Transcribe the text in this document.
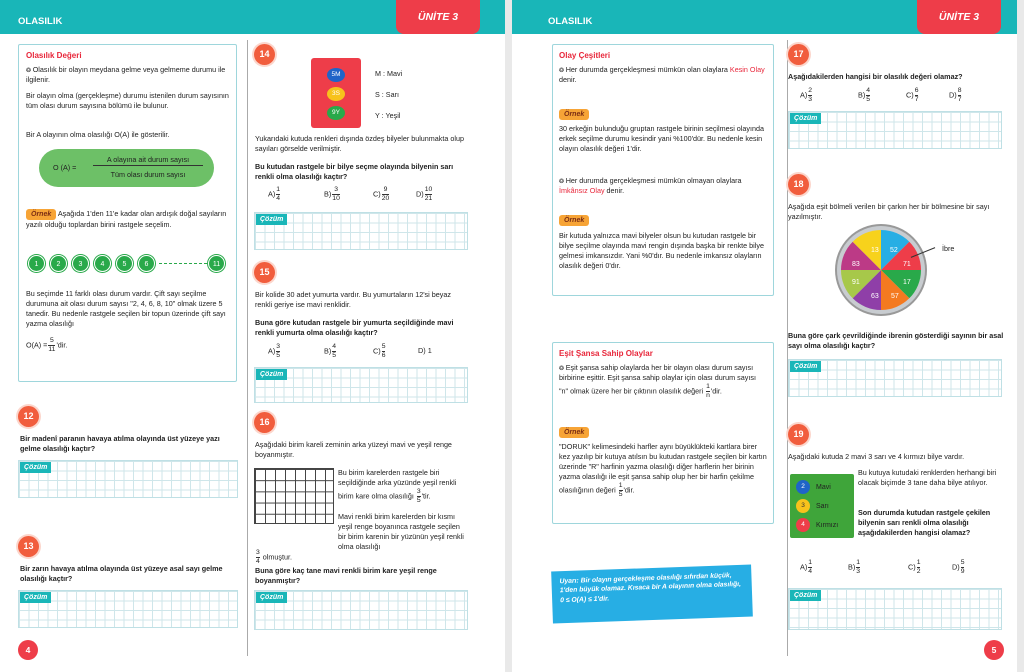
OLASILIK	ÜNİTE 3
Olasılık Değeri
❂ Olasılık bir olayın meydana gelme veya gelmeme durumu ile ilgilenir.
Bir olayın olma (gerçekleşme) durumu istenilen durum sayısının tüm olası durum sayısına bölümü ile bulunur.
Bir A olayının olma olasılığı O(A) ile gösterilir.
O (A) =
A olayına ait durum sayısı
Tüm olası durum sayısı
Örnek Aşağıda 1'den 11'e kadar olan ardışık doğal sayıların yazılı olduğu toplardan birini rastgele seçelim.
1	2	3	4	5	6	11
Bu seçimde 11 farklı olası durum vardır. Çift sayı seçilme durumuna ait olası durum sayısı "2, 4, 6, 8, 10" olmak üzere 5 tanedir. Bu nedenle rastgele seçilen bir topun üzerinde çift sayı yazma olasılığı
$O(A) = \frac{5}{11}$ 'dir.
12
Bir madenî paranın havaya atılma olayında üst yüzeye yazı gelme olasılığı kaçtır?
Çözüm
13
Bir zarın havaya atılma olayında üst yüzeye asal sayı gelme olasılığı kaçtır?
Çözüm
14
5M
3S
9Y
M : Mavi
S : Sarı
Y : Yeşil
Yukarıdaki kutuda renkleri dışında özdeş bilyeler bulunmakta olup sayıları görselde verilmiştir.
Bu kutudan rastgele bir bilye seçme olayında bilyenin sarı renkli olma olasılığı kaçtır?
$A) \frac{1}{4}$	$B) \frac{3}{10}$	$C) \frac{9}{20}$	$D) \frac{10}{21}$
Çözüm
15
Bir kolide 30 adet yumurta vardır. Bu yumurtaların 12'si beyaz renkli geriye ise mavi renklidir.
Buna göre kutudan rastgele bir yumurta seçildiğinde mavi renkli yumurta olma olasılığı kaçtır?
$A) \frac{3}{5}$	$B) \frac{4}{5}$	$C) \frac{5}{6}$	D) 1
Çözüm
16
Aşağıdaki birim kareli zeminin arka yüzeyi mavi ve yeşil renge boyanmıştır.
Bu birim karelerden rastgele biri seçildiğinde arka yüzünde yeşil renkli birim kare olma olasılığı $\frac{3}{5}$ 'tir.
Mavi renkli birim karelerden bir kısmı yeşil renge boyanınca rastgele seçilen bir birim karenin bir yüzünün yeşil renkli olma olasılığı
$\frac{3}{4}$ olmuştur.
Buna göre kaç tane mavi renkli birim kare yeşil renge boyanmıştır?
Çözüm
4
OLASILIK	ÜNİTE 3
Olay Çeşitleri
❂ Her durumda gerçekleşmesi mümkün olan olaylara Kesin Olay denir.
Örnek
30 erkeğin bulunduğu gruptan rastgele birinin seçilmesi olayında erkek seçilme durumu kesindir yani %100'dür. Bu nedenle kesin olayın olasılık değeri 1'dir.
❂ Her durumda gerçekleşmesi mümkün olmayan olaylara İmkânsız Olay denir.
Örnek
Bir kutuda yalnızca mavi bilyeler olsun bu kutudan rastgele bir bilye seçilme olayında mavi rengin dışında başka bir renkte bilye gelmesi imkansızdır. Yani %0'dır. Bu nedenle imkansız olayların olasılık değeri 0'dır.
Eşit Şansa Sahip Olaylar
❂ Eşit şansa sahip olaylarda her bir olayın olası durum sayısı birbirine eşittir. Eşit şansa sahip olaylar için olası durum sayısı "n" olmak üzere her bir çıktının olasılık değeri $\frac{1}{n}$ 'dir.
Örnek
"DORUK" kelimesindeki harfler aynı büyüklükteki kartlara birer kez yazılıp bir kutuya atılsın bu kutudan rastgele seçilen bir kartın üzerinde "R" harfinin yazma olasılığı diğer harflerin her birinin yazma olasılığı ile eşit şansa sahip olup her bir harfin çekilme olasılığının değeri $\frac{1}{5}$ 'dir.
Uyarı: Bir olayın gerçekleşme olasılığı sıfırdan küçük, 1'den büyük olamaz. Kısaca bir A olayının olma olasılığı, 0 ≤ O(A) ≤ 1'dir.
17
Aşağıdakilerden hangisi bir olasılık değeri olamaz?
$A) \frac{2}{3}$	$B) \frac{4}{5}$	$C) \frac{6}{7}$	$D) \frac{8}{7}$
Çözüm
18
Aşağıda eşit bölmeli verilen bir çarkın her bir bölmesine bir sayı yazılmıştır.
13 52
71
17
57
63
91
83
İbre
Buna göre çark çevrildiğinde ibrenin gösterdiği sayının bir asal sayı olma olasılığı kaçtır?
Çözüm
19
Aşağıdaki kutuda 2 mavi 3 sarı ve 4 kırmızı bilye vardır.
2	Mavi
3	Sarı
4	Kırmızı
Bu kutuya kutudaki renklerden herhangi biri olacak biçimde 3 tane daha bilye atılıyor.
Son durumda kutudan rastgele çekilen bilyenin sarı renkli olma olasılığı aşağıdakilerden hangisi olamaz?
$A) \frac{1}{4}$	$B) \frac{1}{3}$	$C) \frac{1}{2}$	$D) \frac{5}{9}$
Çözüm
5
